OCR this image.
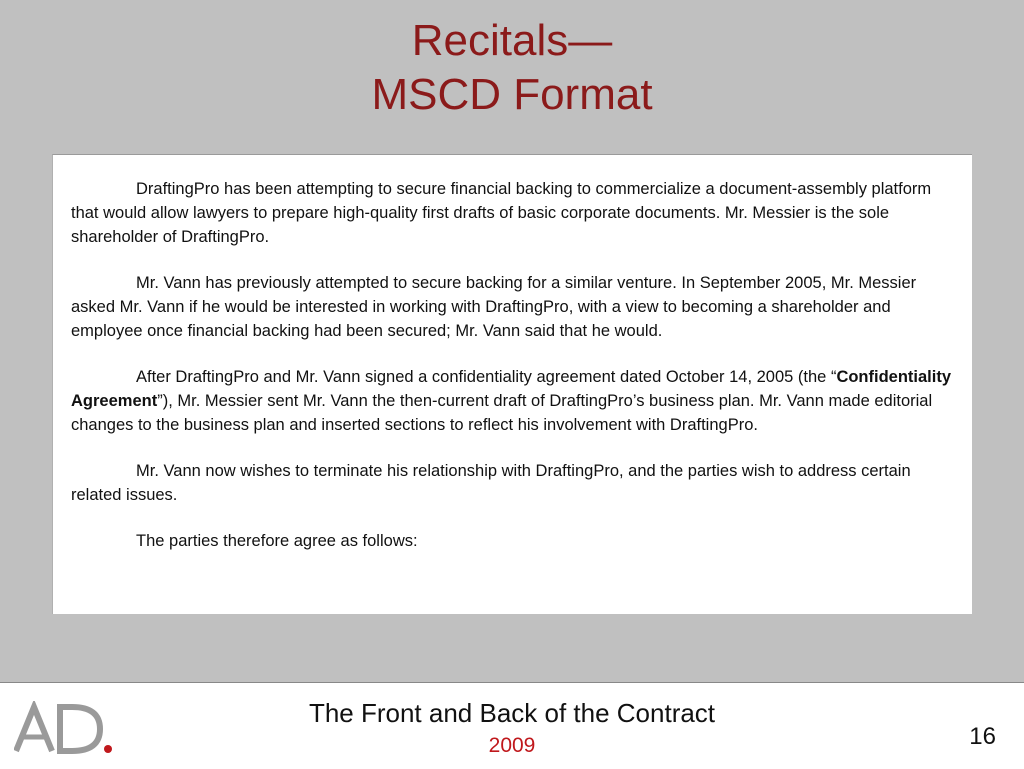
Recitals—
MSCD Format

DraftingPro has been attempting to secure financial backing to commercialize a document-assembly platform that would allow lawyers to prepare high-quality first drafts of basic corporate documents. Mr. Messier is the sole shareholder of DraftingPro.

Mr. Vann has previously attempted to secure backing for a similar venture. In September 2005, Mr. Messier asked Mr. Vann if he would be interested in working with DraftingPro, with a view to becoming a shareholder and employee once financial backing had been secured; Mr. Vann said that he would.

After DraftingPro and Mr. Vann signed a confidentiality agreement dated October 14, 2005 (the “Confidentiality Agreement”), Mr. Messier sent Mr. Vann the then-current draft of DraftingPro’s business plan. Mr. Vann made editorial changes to the business plan and inserted sections to reflect his involvement with DraftingPro.

Mr. Vann now wishes to terminate his relationship with DraftingPro, and the parties wish to address certain related issues.

The parties therefore agree as follows:

The Front and Back of the Contract
2009	16
